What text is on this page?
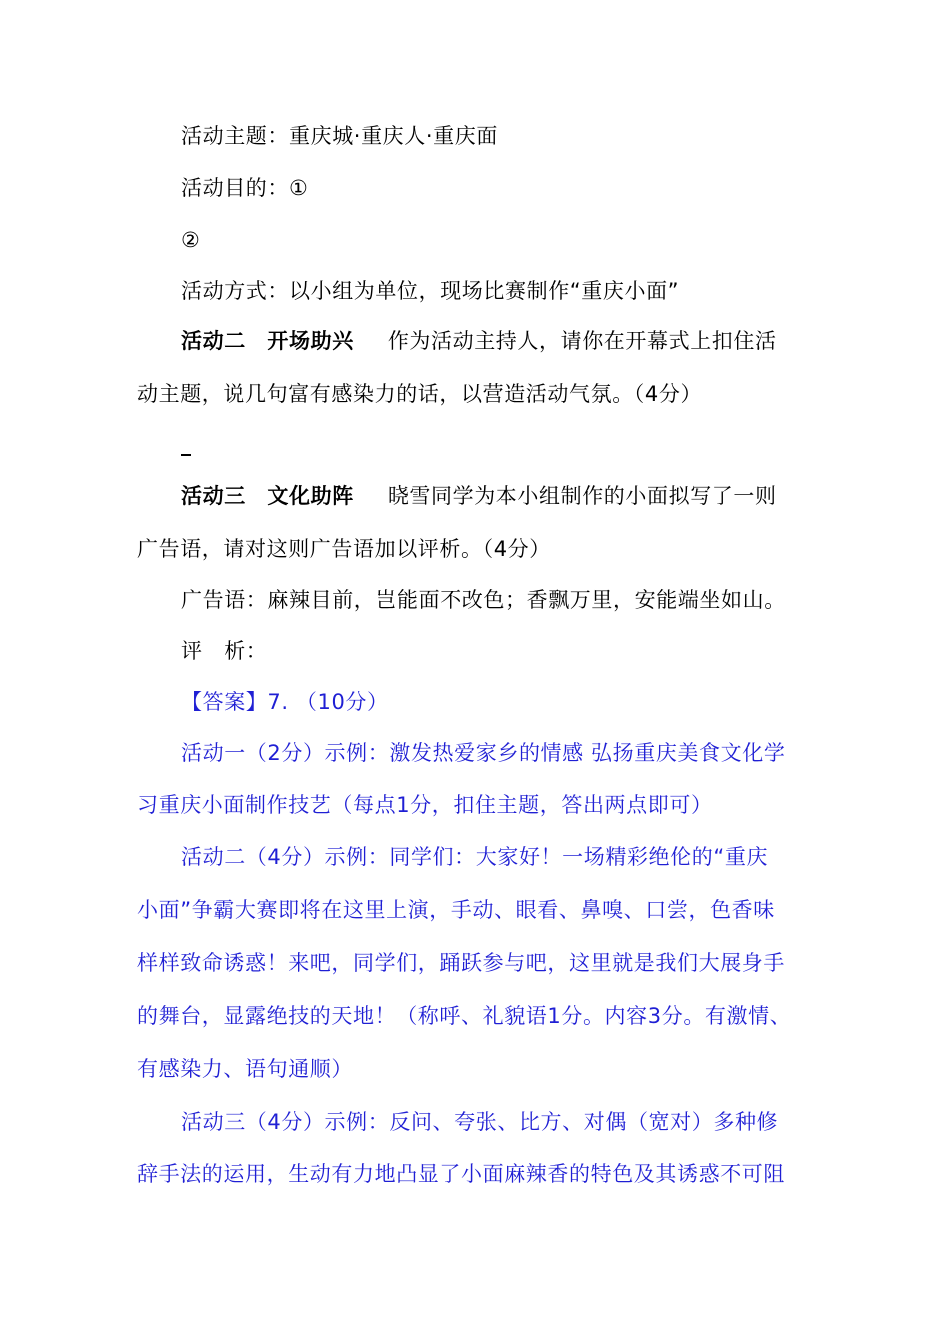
活动主题：重庆城·重庆人·重庆面
活动目的：①
②
活动方式：以小组为单位，现场比赛制作“重庆小面”
活动二　开场助兴 作为活动主持人，请你在开幕式上扣住活
动主题，说几句富有感染力的话，以营造活动气氛。（4分）
活动三　文化助阵 晓雪同学为本小组制作的小面拟写了一则
广告语，请对这则广告语加以评析。（4分）
广告语：麻辣目前，岂能面不改色；香飘万里，安能端坐如山。
评　析：
【答案】7. （10分）
活动一（2分）示例：激发热爱家乡的情感 弘扬重庆美食文化学
习重庆小面制作技艺（每点1分，扣住主题，答出两点即可）
活动二（4分）示例：同学们：大家好！一场精彩绝伦的“重庆
小面”争霸大赛即将在这里上演，手动、眼看、鼻嗅、口尝，色香味
样样致命诱惑！来吧，同学们，踊跃参与吧，这里就是我们大展身手
的舞台，显露绝技的天地！（称呼、礼貌语1分。内容3分。有激情、
有感染力、语句通顺）
活动三（4分）示例：反问、夸张、比方、对偶（宽对）多种修
辞手法的运用，生动有力地凸显了小面麻辣香的特色及其诱惑不可阻
